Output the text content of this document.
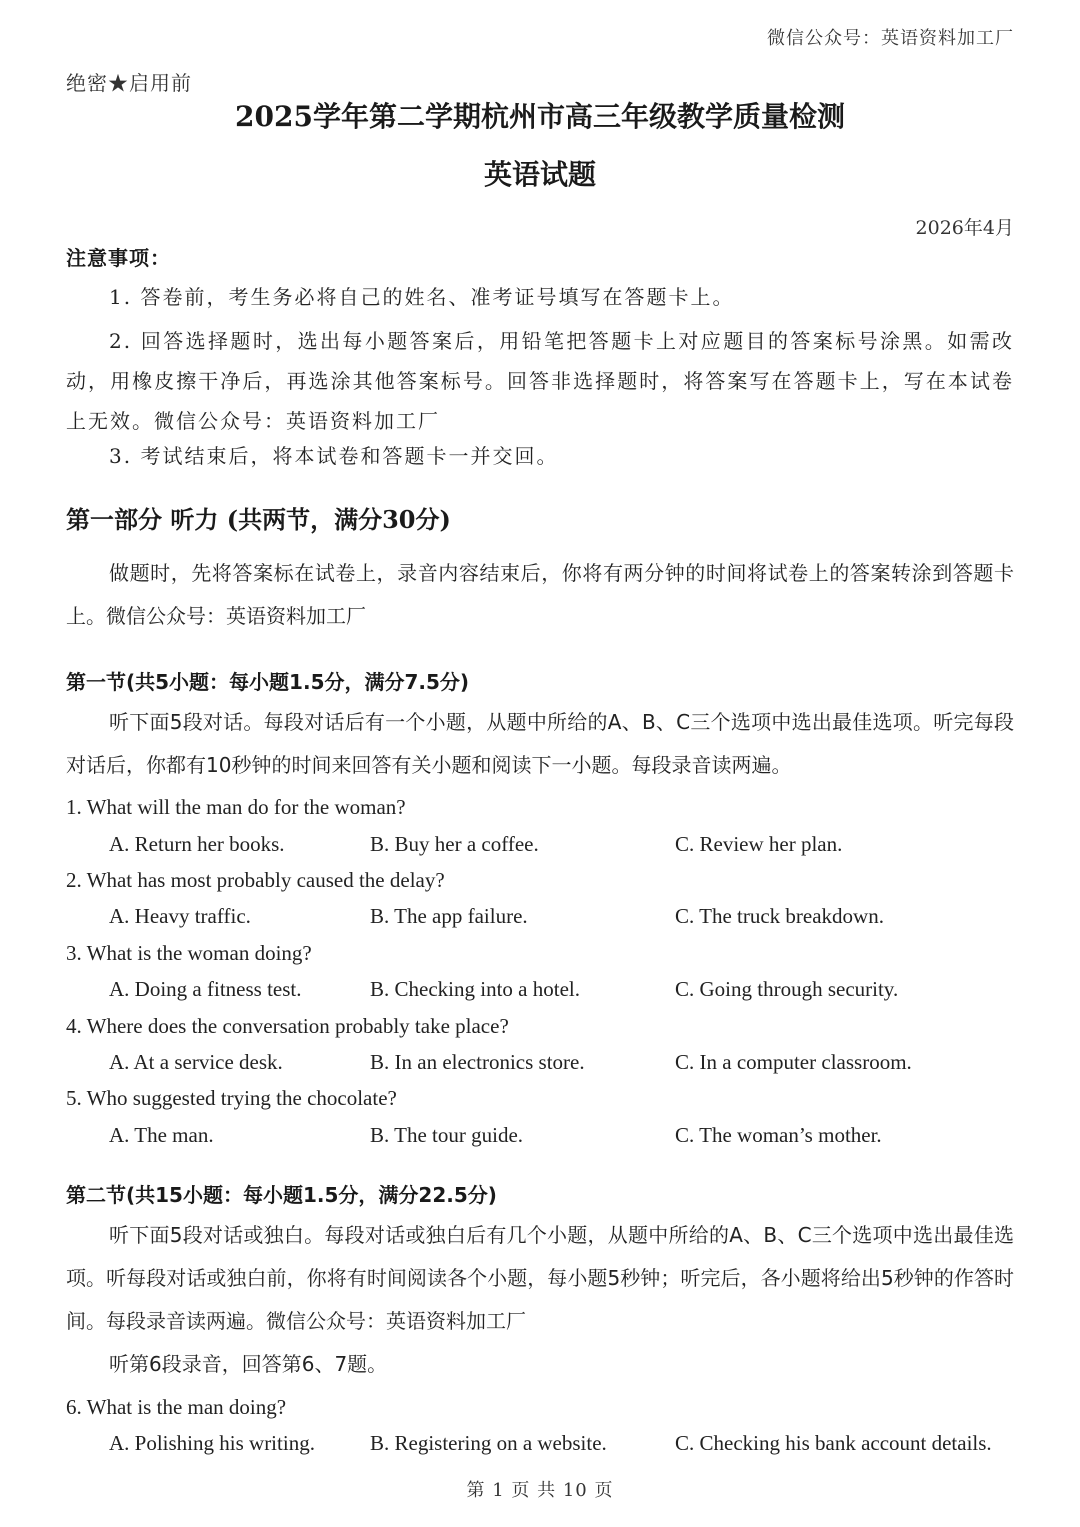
微信公众号：英语资料加工厂
绝密★启用前
2025学年第二学期杭州市高三年级教学质量检测
英语试题
2026年4月
注意事项：
1. 答卷前，考生务必将自己的姓名、准考证号填写在答题卡上。
2. 回答选择题时，选出每小题答案后，用铅笔把答题卡上对应题目的答案标号涂黑。如需改动，用橡皮擦干净后，再选涂其他答案标号。回答非选择题时，将答案写在答题卡上，写在本试卷上无效。微信公众号：英语资料加工厂
3. 考试结束后，将本试卷和答题卡一并交回。
第一部分 听力 (共两节，满分30分)
做题时，先将答案标在试卷上，录音内容结束后，你将有两分钟的时间将试卷上的答案转涂到答题卡上。微信公众号：英语资料加工厂
第一节(共5小题：每小题1.5分，满分7.5分)
听下面5段对话。每段对话后有一个小题，从题中所给的A、B、C三个选项中选出最佳选项。听完每段对话后，你都有10秒钟的时间来回答有关小题和阅读下一小题。每段录音读两遍。
1. What will the man do for the woman?
A. Return her books.	B. Buy her a coffee.	C. Review her plan.
2. What has most probably caused the delay?
A. Heavy traffic.	B. The app failure.	C. The truck breakdown.
3. What is the woman doing?
A. Doing a fitness test.	B. Checking into a hotel.	C. Going through security.
4. Where does the conversation probably take place?
A. At a service desk.	B. In an electronics store.	C. In a computer classroom.
5. Who suggested trying the chocolate?
A. The man.	B. The tour guide.	C. The woman’s mother.
第二节(共15小题：每小题1.5分，满分22.5分)
听下面5段对话或独白。每段对话或独白后有几个小题，从题中所给的A、B、C三个选项中选出最佳选项。听每段对话或独白前，你将有时间阅读各个小题，每小题5秒钟；听完后，各小题将给出5秒钟的作答时间。每段录音读两遍。微信公众号：英语资料加工厂
听第6段录音，回答第6、7题。
6. What is the man doing?
A. Polishing his writing.	B. Registering on a website.	C. Checking his bank account details.
第 1 页 共 10 页
